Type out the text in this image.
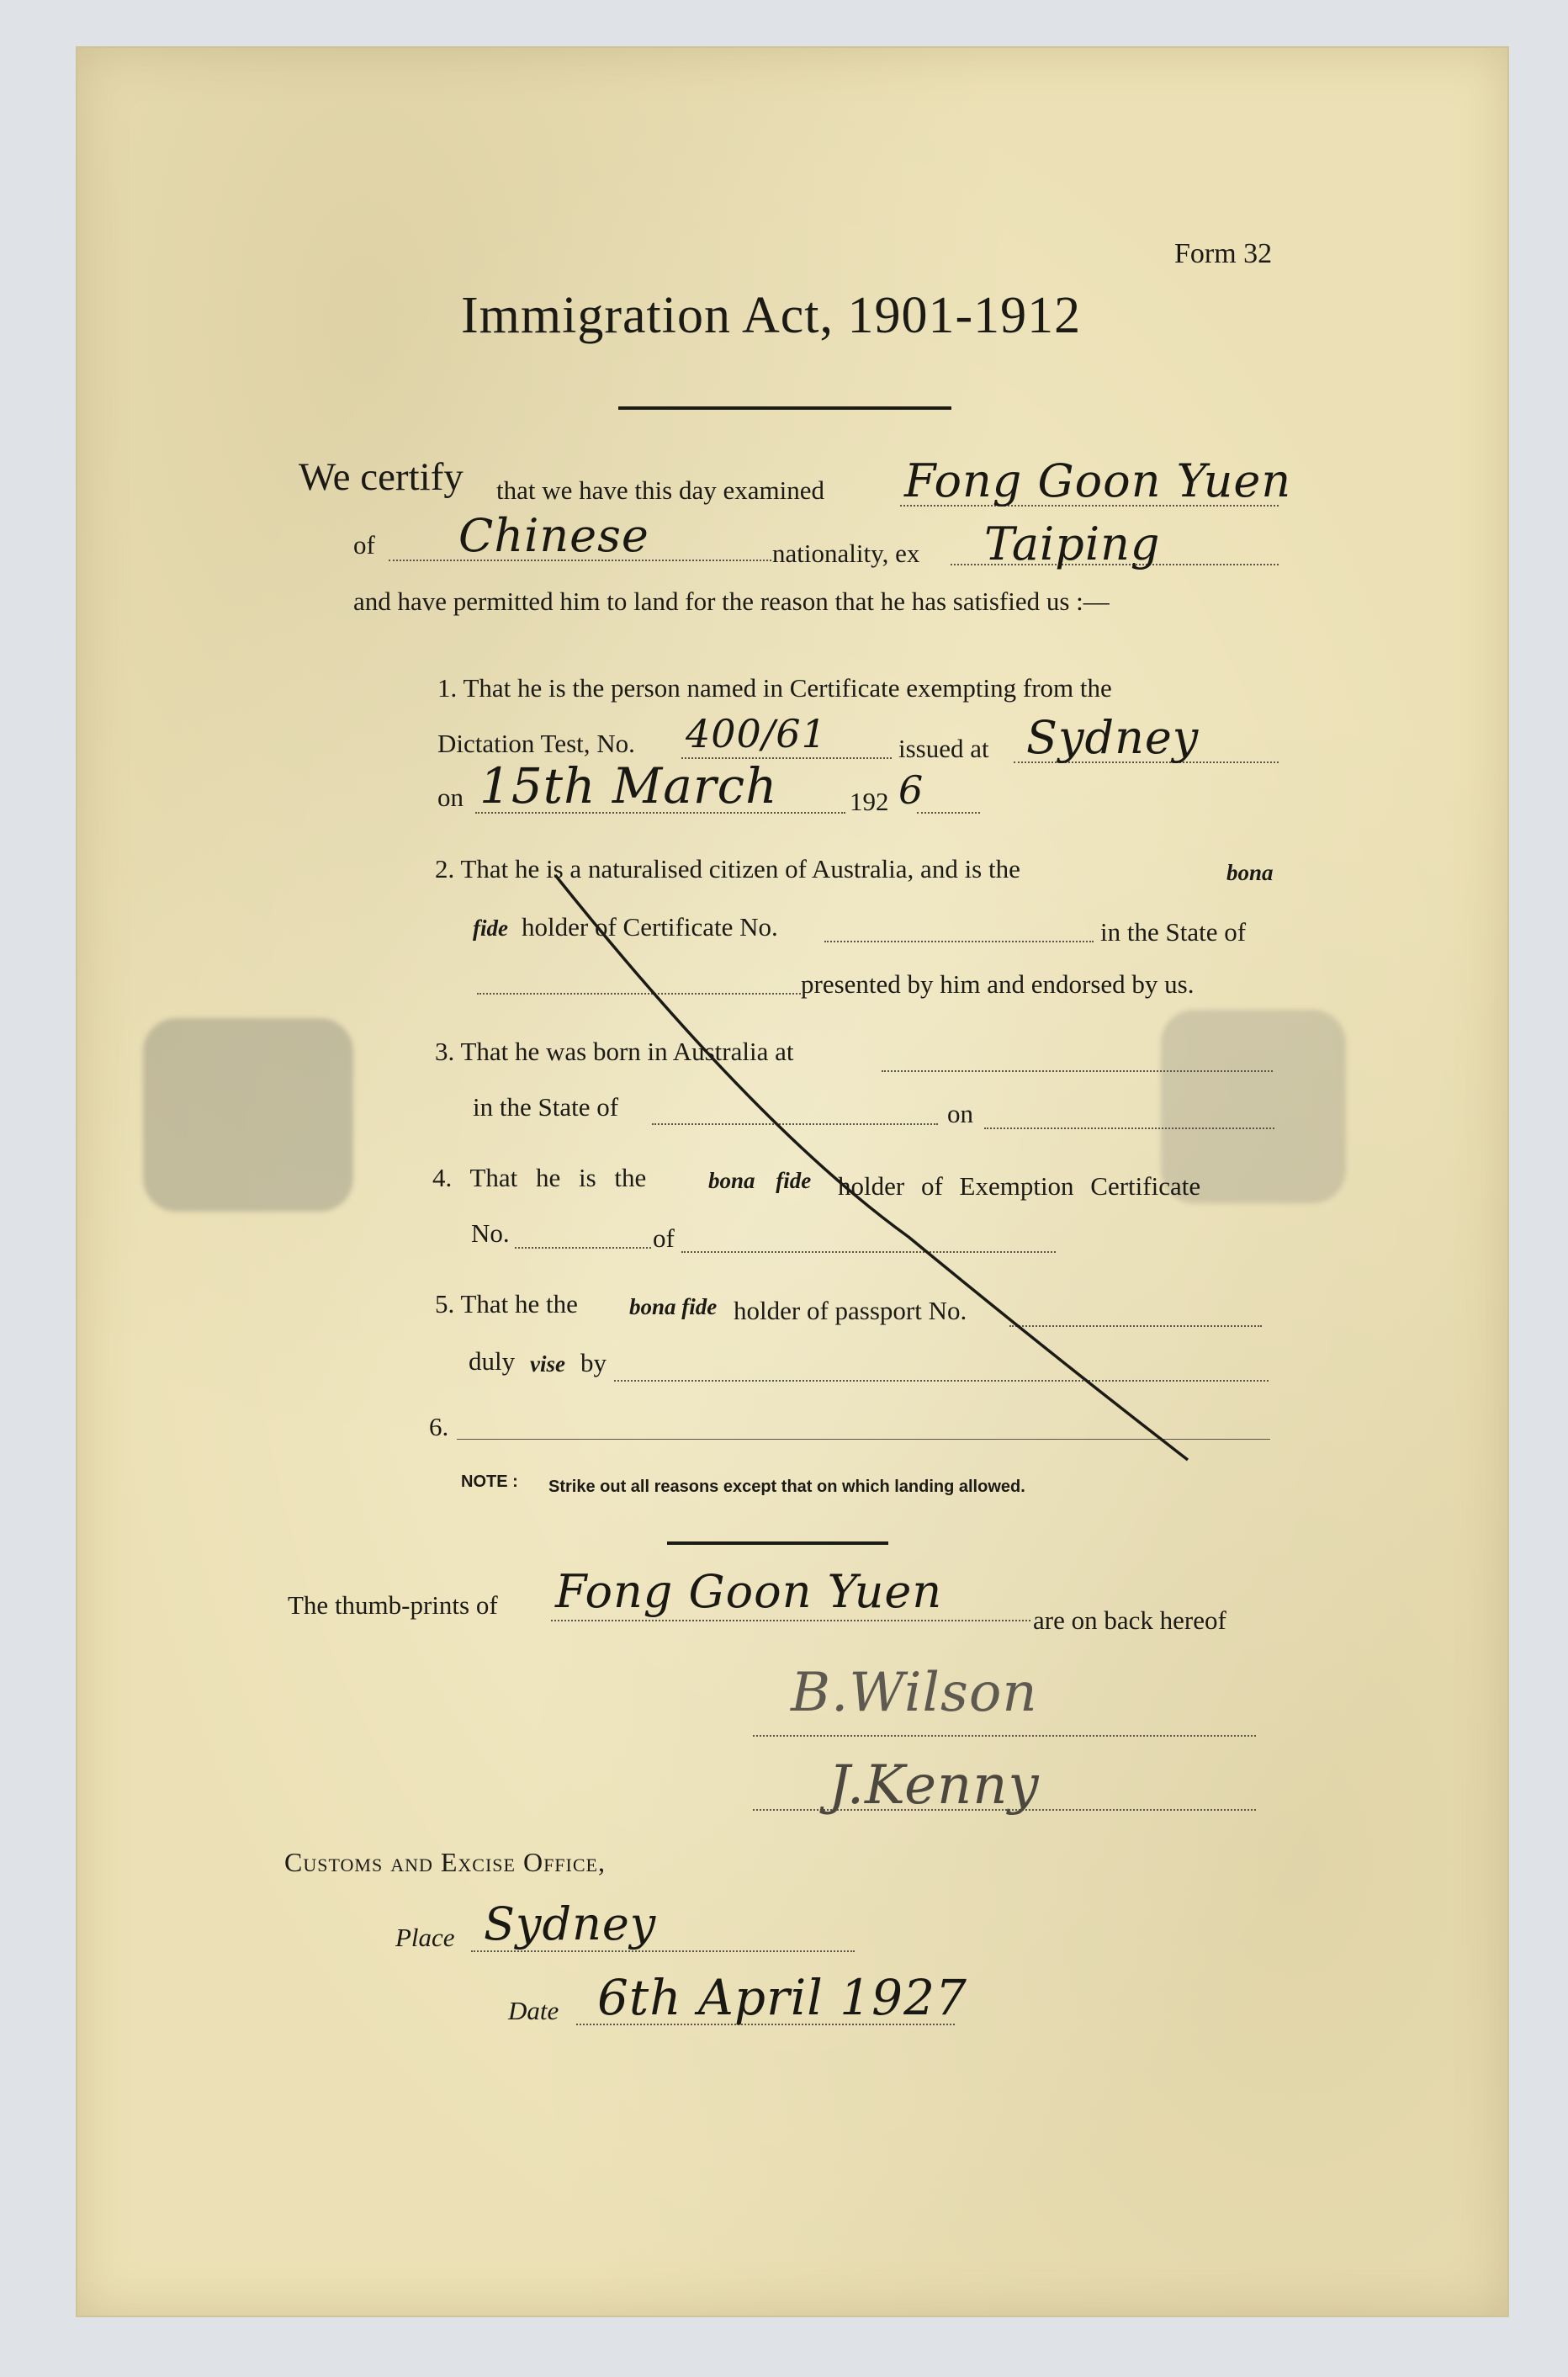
Form 32
Immigration Act, 1901-1912
We certify that we have this day examined Fong Goon Yuen
of Chinese	nationality, ex Taiping
and have permitted him to land for the reason that he has satisfied us :—
1. That he is the person named in Certificate exempting from the
Dictation Test, No. 400/61	issued at Sydney
on 15th March	192 6
2. That he is a naturalised citizen of Australia, and is the	bona
fide holder of Certificate No.	in the State of
presented by him and endorsed by us.
3. That he was born in Australia at
in the State of	on
4. That he is the	bona fide holder of Exemption Certificate
No.	of
5. That he the bona fide holder of passport No.
duly vise by
6.
NOTE : Strike out all reasons except that on which landing allowed.
The thumb-prints of Fong Goon Yuen
are on back hereof
B.Wilson
J.Kenny
Customs and Excise Office,
Place Sydney
Date 6th April 1927
